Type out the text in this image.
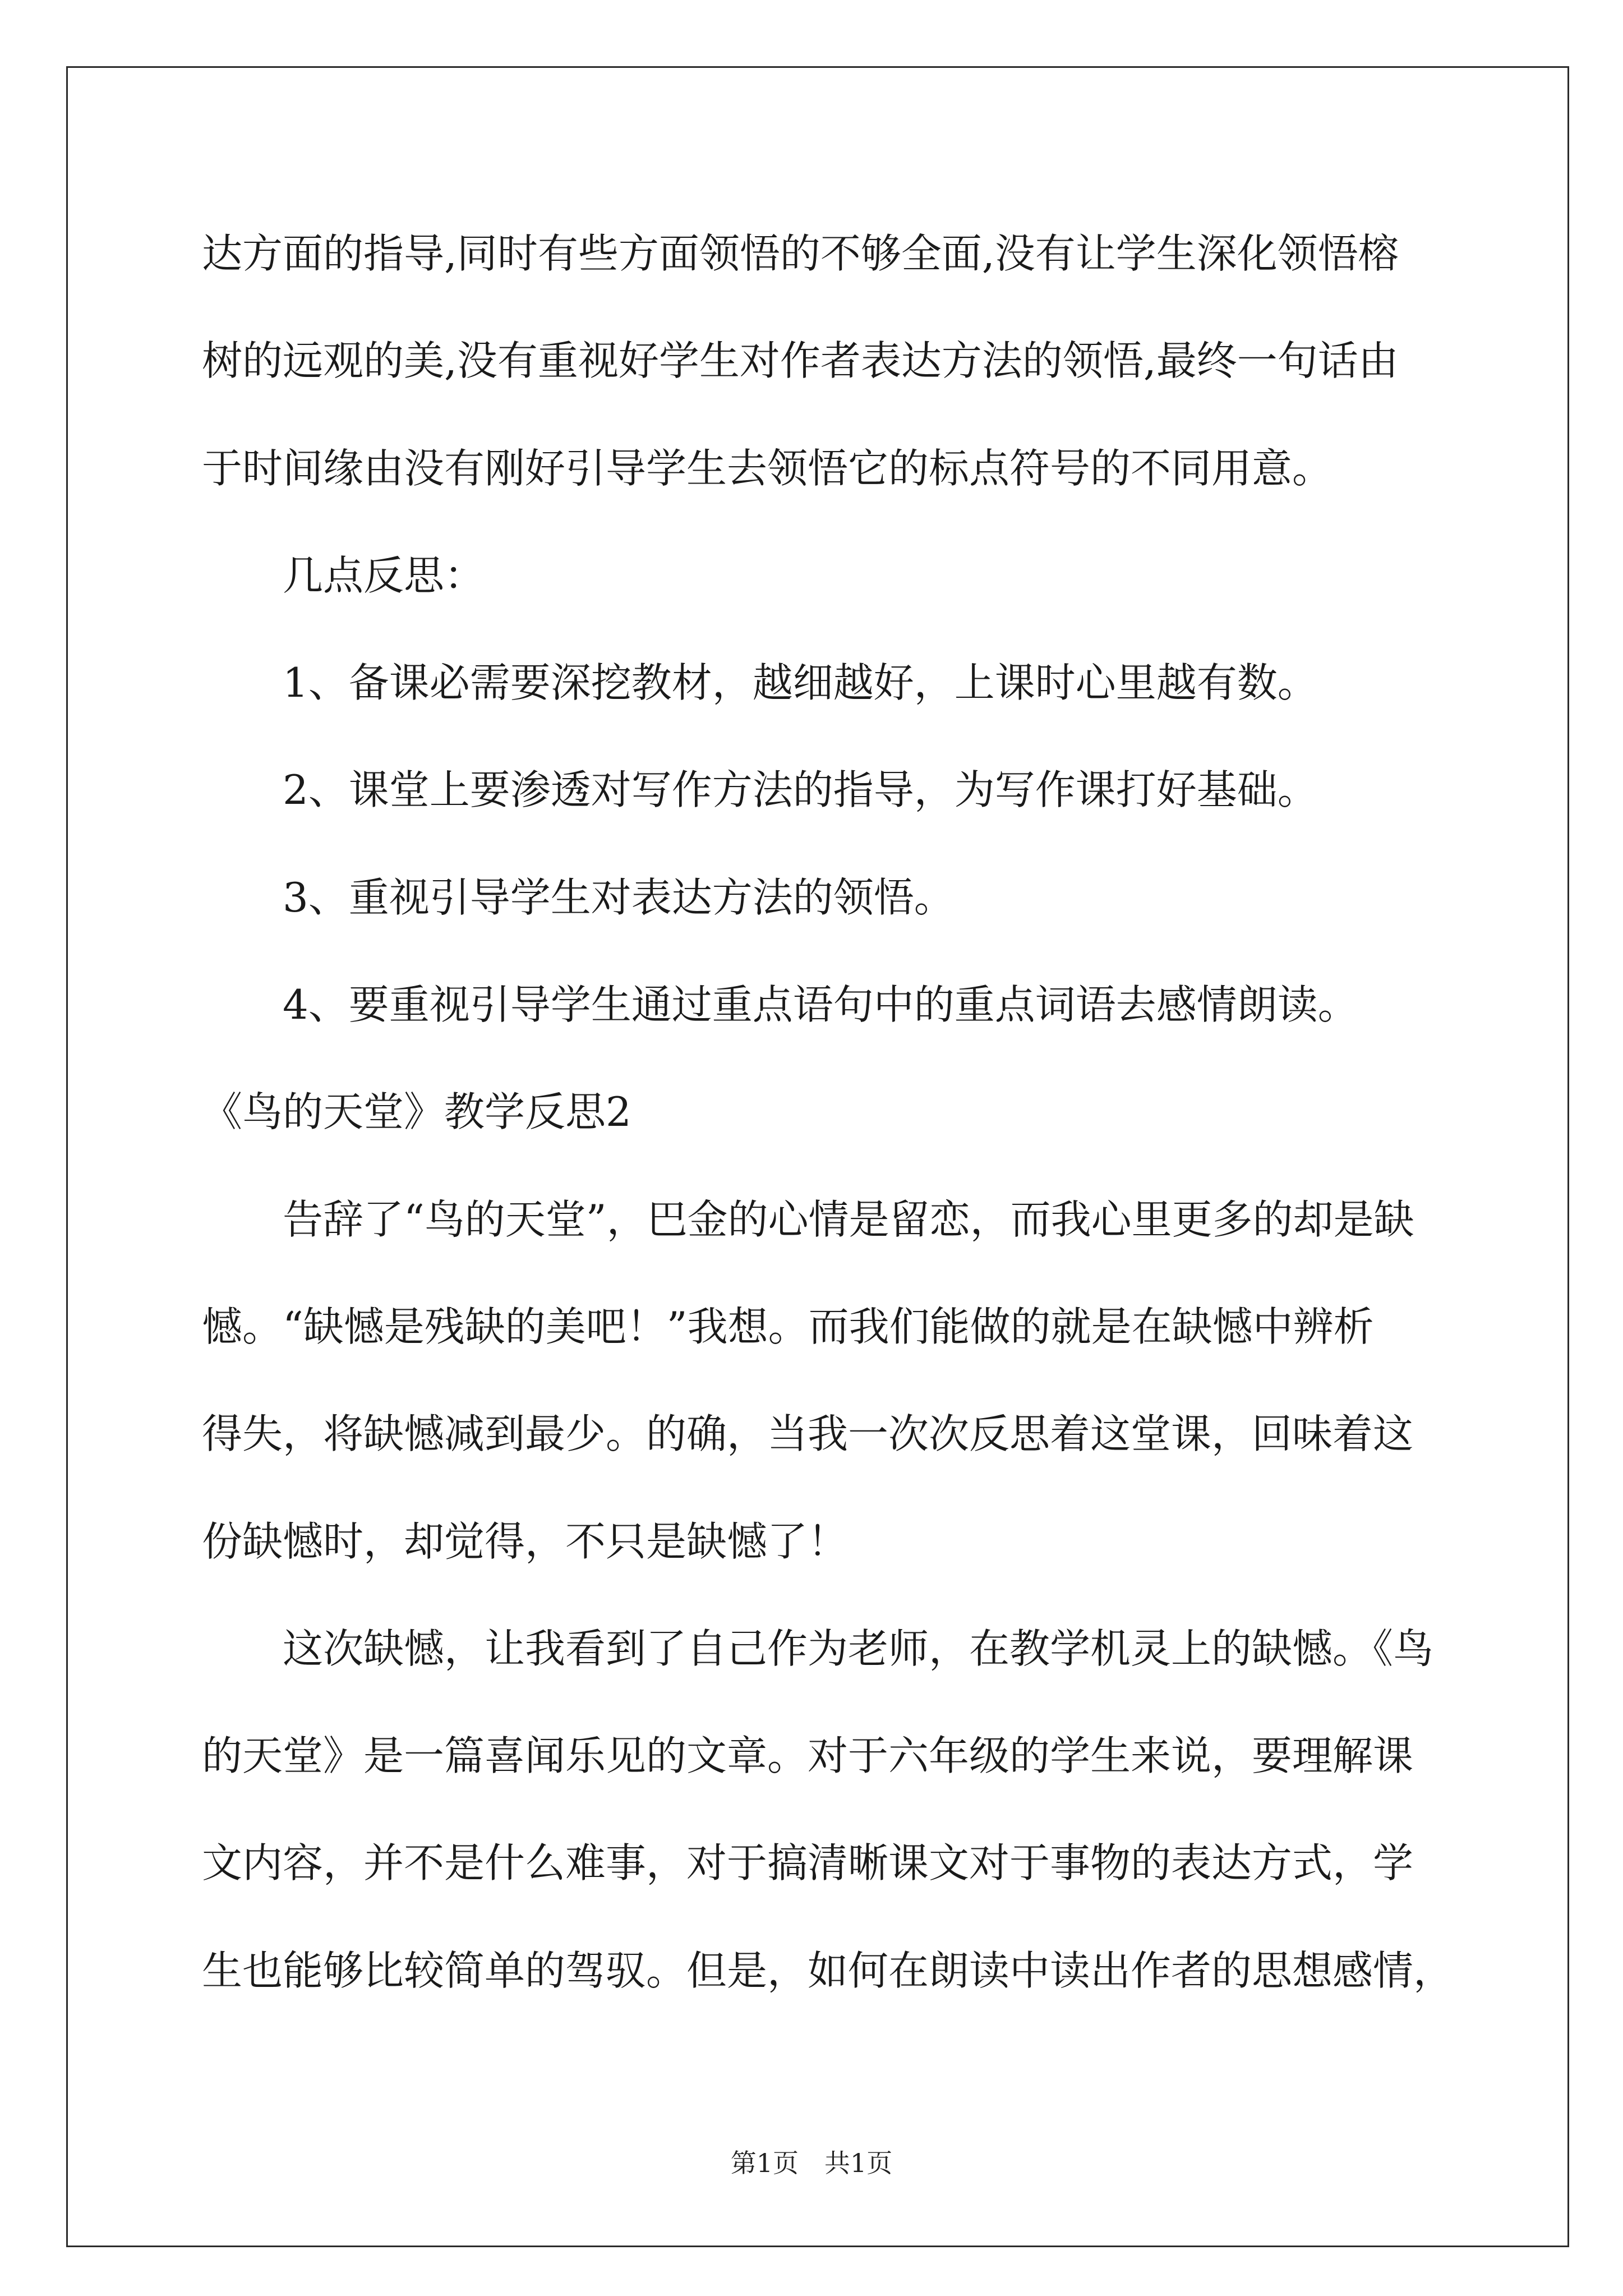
达方面的指导,同时有些方面领悟的不够全面,没有让学生深化领悟榕
树的远观的美,没有重视好学生对作者表达方法的领悟,最终一句话由
于时间缘由没有刚好引导学生去领悟它的标点符号的不同用意。
几点反思：
1、备课必需要深挖教材，越细越好，上课时心里越有数。
2、课堂上要渗透对写作方法的指导，为写作课打好基础。
3、重视引导学生对表达方法的领悟。
4、要重视引导学生通过重点语句中的重点词语去感情朗读。
《鸟的天堂》教学反思2
告辞了“鸟的天堂”，巴金的心情是留恋，而我心里更多的却是缺
憾。“缺憾是残缺的美吧！”我想。而我们能做的就是在缺憾中辨析
得失，将缺憾减到最少。的确，当我一次次反思着这堂课，回味着这
份缺憾时，却觉得，不只是缺憾了！
这次缺憾，让我看到了自己作为老师，在教学机灵上的缺憾。《鸟
的天堂》是一篇喜闻乐见的文章。对于六年级的学生来说，要理解课
文内容，并不是什么难事，对于搞清晰课文对于事物的表达方式，学
生也能够比较简单的驾驭。但是，如何在朗读中读出作者的思想感情，
第1页　共1页
